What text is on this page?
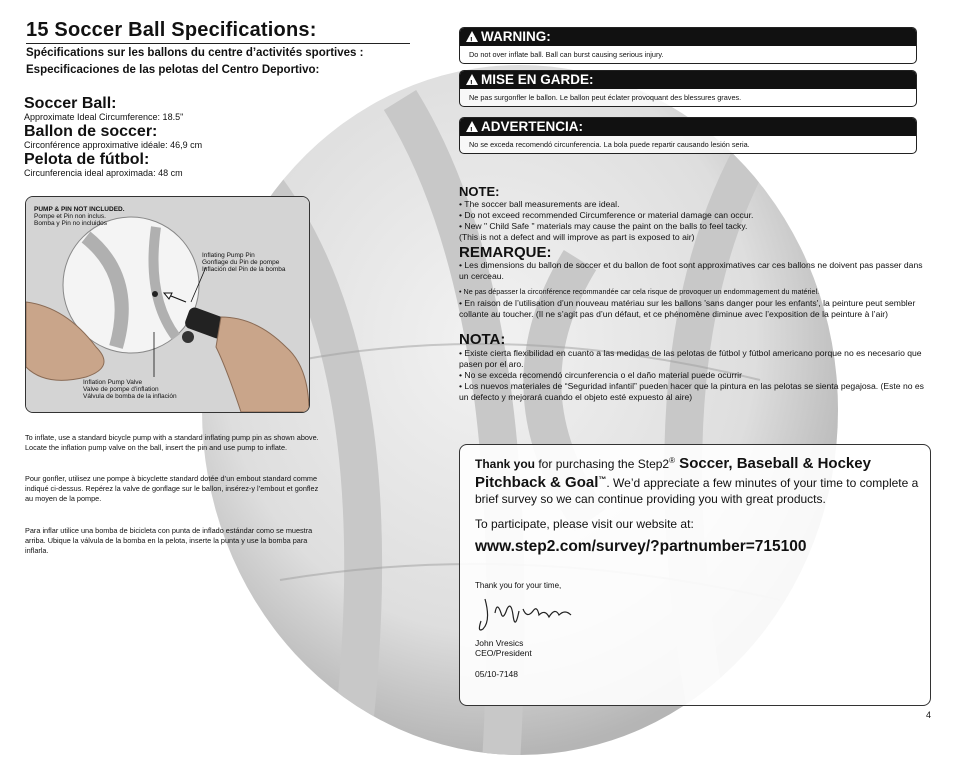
15 Soccer Ball Specifications:
Spécifications sur les ballons du centre d’activités sportives :
Especificaciones de las pelotas del Centro Deportivo:
Soccer Ball:
Approximate Ideal Circumference: 18.5"
Ballon de soccer:
Circonférence approximative idéale: 46,9 cm
Pelota de fútbol:
Circunferencia ideal aproximada: 48 cm
PUMP & PIN NOT INCLUDED.
Pompe et Pin non inclus.
Bomba y Pin no incluidos
Inflating Pump Pin
Gonflage du Pin de pompe
Inflación del Pin de la bomba
Inflation Pump Valve
Valve de pompe d'inflation
Válvula de bomba de la inflación
To inflate, use a standard bicycle pump with a standard inflating pump pin as shown above. Locate the inflation pump valve on the ball, insert the pin and use pump to inflate.
Pour gonfler, utilisez une pompe à bicyclette standard dotée d’un embout standard comme indiqué ci-dessus. Repérez la valve de gonflage sur le ballon, insérez-y l’embout et gonflez au moyen de la pompe.
Para inflar utilice una bomba de bicicleta con punta de inflado estándar como se muestra arriba. Ubique la válvula de la bomba en la pelota, inserte la punta y use la bomba para inflarla.
!WARNING:
Do not over inflate ball. Ball can burst causing serious injury.
!MISE EN GARDE:
Ne pas surgonfler le ballon. Le ballon peut éclater provoquant des blessures graves.
!ADVERTENCIA:
No se exceda recomendó circunferencia. La bola puede repartir causando lesión seria.
NOTE:
• The soccer ball measurements are ideal.
• Do not exceed recommended Circumference or material damage can occur.
• New " Child Safe " materials may cause the paint on the balls to feel tacky.
(This is not a defect and will improve as part is exposed to air)
REMARQUE:
• Les dimensions du ballon de soccer et du ballon de foot sont approximatives car ces ballons ne doivent pas passer dans un cerceau.
• Ne pas dépasser la circonférence recommandée car cela risque de provoquer un endommagement du matériel.
• En raison de l’utilisation d’un nouveau matériau sur les ballons 'sans danger pour les enfants', la peinture peut sembler collante au toucher. (Il ne s’agit pas d’un défaut, et ce phénomène diminue avec l’exposition de la peinture à l’air)
NOTA:
• Existe cierta flexibilidad en cuanto a las medidas de las pelotas de fútbol y fútbol americano porque no es necesario que pasen por el aro.
• No se exceda recomendó circunferencia o el daño material puede ocurrir
• Los nuevos materiales de “Seguridad infantil” pueden hacer que la pintura en las pelotas se sienta pegajosa. (Este no es un defecto y mejorará cuando el objeto esté expuesto al aire)
Thank you for purchasing the Step2® Soccer, Baseball & Hockey Pitchback & Goal™. We’d appreciate a few minutes of your time to complete a brief survey so we can continue providing you with great products.
To participate, please visit our website at:
www.step2.com/survey/?partnumber=715100
Thank you for your time,
John Vresics
CEO/President
05/10-7148
4
